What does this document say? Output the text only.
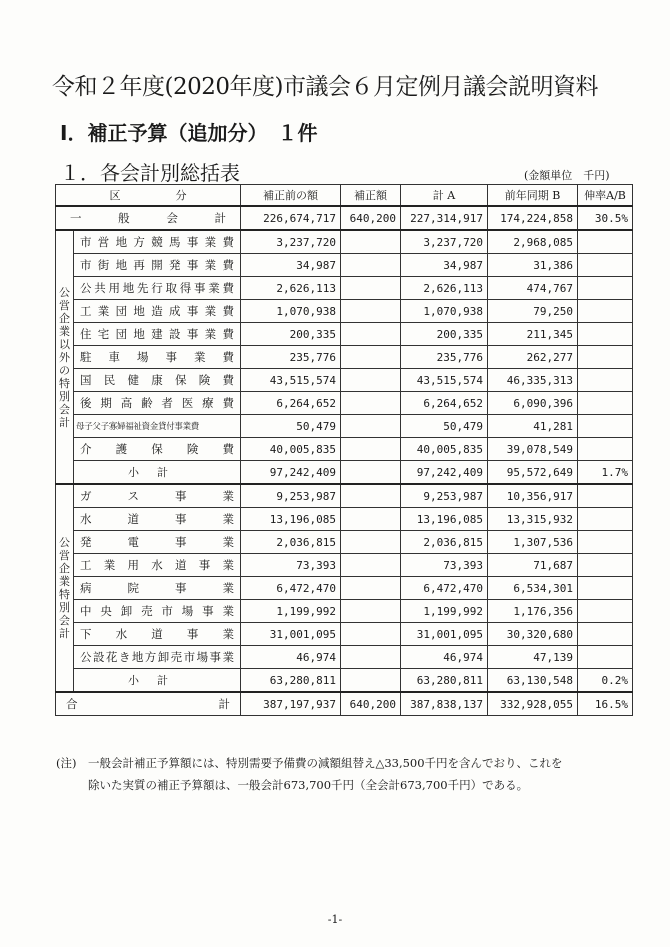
令和２年度(2020年度)市議会６月定例月議会説明資料
Ⅰ．補正予算（追加分）　１件
１．各会計別総括表	(金額単位　千円)
区　　　　　分		補正前の額	補正額	計 A	前年同期 B	伸率A/B
一般会計		226,674,717	640,200	227,314,917	174,224,858	30.5%
公営企業以外の特別会計	市営地方競馬事業費	3,237,720		3,237,720	2,968,085	
	市街地再開発事業費	34,987		34,987	31,386	
	公共用地先行取得事業費	2,626,113		2,626,113	474,767	
	工業団地造成事業費	1,070,938		1,070,938	79,250	
	住宅団地建設事業費	200,335		200,335	211,345	
	駐車場事業費	235,776		235,776	262,277	
	国民健康保険費	43,515,574		43,515,574	46,335,313	
	後期高齢者医療費	6,264,652		6,264,652	6,090,396	
	母子父子寡婦福祉資金貸付事業費	50,479		50,479	41,281	
	介護保険費	40,005,835		40,005,835	39,078,549	
	小計	97,242,409		97,242,409	95,572,649	1.7%
公営企業特別会計	ガス事業	9,253,987		9,253,987	10,356,917	
	水道事業	13,196,085		13,196,085	13,315,932	
	発電事業	2,036,815		2,036,815	1,307,536	
	工業用水道事業	73,393		73,393	71,687	
	病院事業	6,472,470		6,472,470	6,534,301	
	中央卸売市場事業	1,199,992		1,199,992	1,176,356	
	下水道事業	31,001,095		31,001,095	30,320,680	
	公設花き地方卸売市場事業	46,974		46,974	47,139	
	小計	63,280,811		63,280,811	63,130,548	0.2%
合　　　　　　　計		387,197,937	640,200	387,838,137	332,928,055	16.5%
(注)　一般会計補正予算額には、特別需要予備費の減額組替え△33,500千円を含んでおり、これを
除いた実質の補正予算額は、一般会計673,700千円（全会計673,700千円）である。
-1-
